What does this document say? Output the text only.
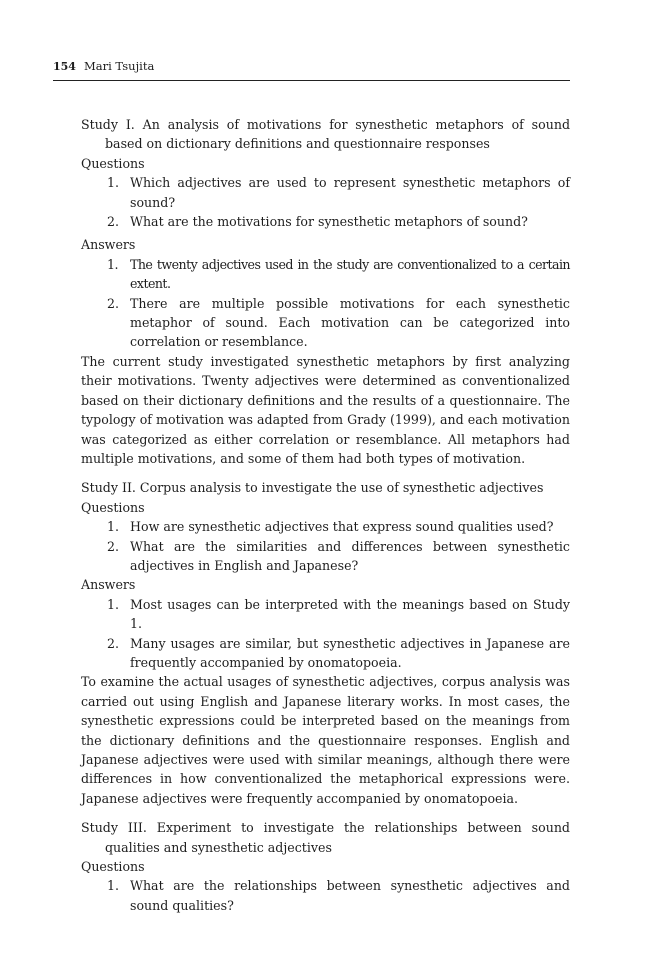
154 Mari Tsujita

Study I. An analysis of motivations for synesthetic metaphors of sound based on dictionary definitions and questionnaire responses

Questions

1. Which adjectives are used to represent synesthetic metaphors of sound?
2. What are the motivations for synesthetic metaphors of sound?

Answers

1. The twenty adjectives used in the study are conventionalized to a certain extent.
2. There are multiple possible motivations for each synesthetic metaphor of sound. Each motivation can be categorized into correlation or resemblance.

The current study investigated synesthetic metaphors by first analyzing their motivations. Twenty adjectives were determined as conventionalized based on their dictionary definitions and the results of a questionnaire. The typology of motivation was adapted from Grady (1999), and each motivation was categorized as either correlation or resemblance. All metaphors had multiple motivations, and some of them had both types of motivation.

Study II. Corpus analysis to investigate the use of synesthetic adjectives

Questions

1. How are synesthetic adjectives that express sound qualities used?
2. What are the similarities and differences between synesthetic adjectives in English and Japanese?

Answers

1. Most usages can be interpreted with the meanings based on Study 1.
2. Many usages are similar, but synesthetic adjectives in Japanese are frequently accompanied by onomatopoeia.

To examine the actual usages of synesthetic adjectives, corpus analysis was carried out using English and Japanese literary works. In most cases, the synesthetic expressions could be interpreted based on the meanings from the dictionary definitions and the questionnaire responses. English and Japanese adjectives were used with similar meanings, although there were differences in how conventionalized the metaphorical expressions were. Japanese adjectives were frequently accompanied by onomatopoeia.

Study III. Experiment to investigate the relationships between sound qualities and synesthetic adjectives

Questions

1. What are the relationships between synesthetic adjectives and sound qualities?
